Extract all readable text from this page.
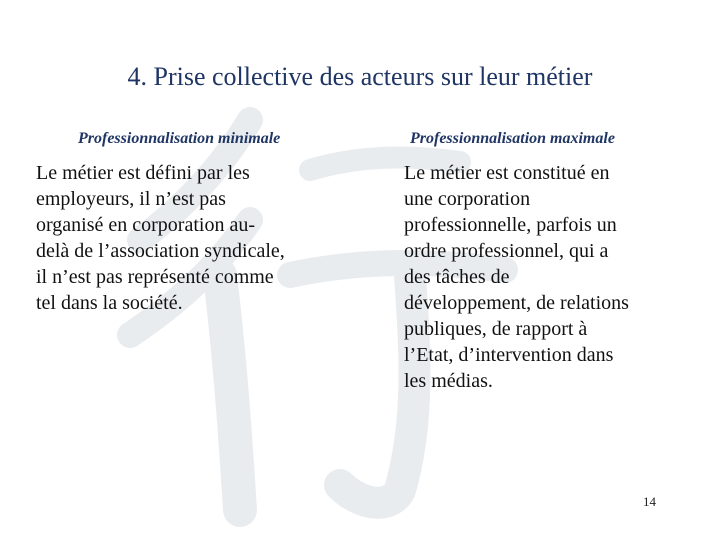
4. Prise collective des acteurs sur leur métier
Professionnalisation minimale	Professionnalisation maximale
Le métier est défini par les
employeurs, il n’est pas
organisé en corporation au-
delà de l’association syndicale,
il n’est pas représenté comme
tel dans la société.
Le métier est constitué en
une corporation
professionnelle, parfois un
ordre professionnel, qui a
des tâches de
développement, de relations
publiques, de rapport à
l’Etat, d’intervention dans
les médias.
14
